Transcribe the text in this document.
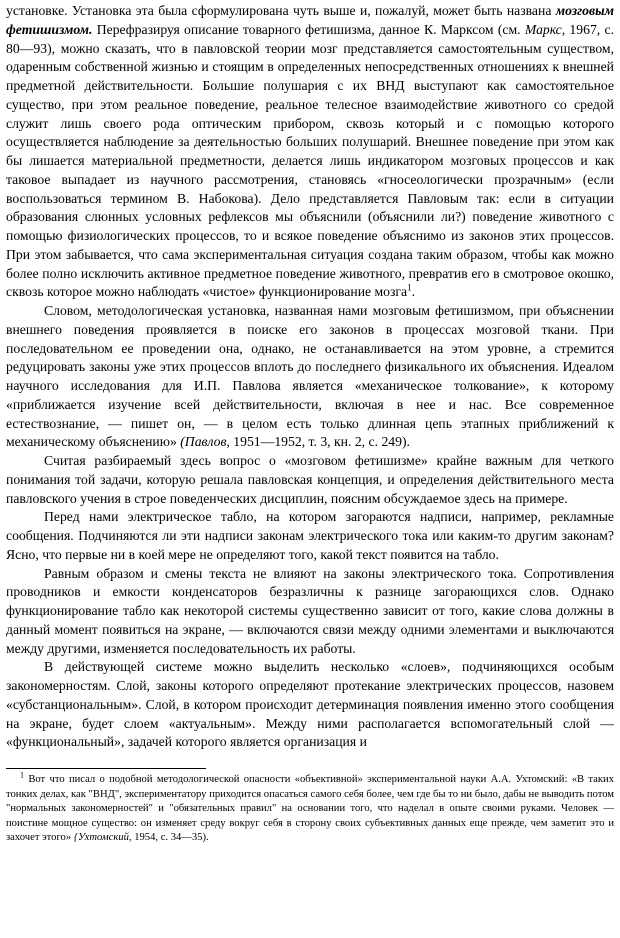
установке. Установка эта была сформулирована чуть выше и, пожалуй, может быть названа мозговым фетишизмом. Перефразируя описание товарного фетишизма, данное К. Марксом (см. Маркс, 1967, с. 80—93), можно сказать, что в павловской теории мозг представляется самостоятельным существом, одаренным собственной жизнью и стоящим в определенных непосредственных отношениях к внешней предметной действительности. Большие полушария с их ВНД выступают как самостоятельное существо, при этом реальное поведение, реальное телесное взаимодействие животного со средой служит лишь своего рода оптическим прибором, сквозь который и с помощью которого осуществляется наблюдение за деятельностью больших полушарий. Внешнее поведение при этом как бы лишается материальной предметности, делается лишь индикатором мозговых процессов и как таковое выпадает из научного рассмотрения, становясь «гносеологически прозрачным» (если воспользоваться термином В. Набокова). Дело представляется Павловым так: если в ситуации образования слюнных условных рефлексов мы объяснили (объяснили ли?) поведение животного с помощью физиологических процессов, то и всякое поведение объяснимо из законов этих процессов. При этом забывается, что сама экспериментальная ситуация создана таким образом, чтобы как можно более полно исключить активное предметное поведение животного, превратив его в смотровое окошко, сквозь которое можно наблюдать «чистое» функционирование мозга$^1$.

Словом, методологическая установка, названная нами мозговым фетишизмом, при объяснении внешнего поведения проявляется в поиске его законов в процессах мозговой ткани. При последовательном ее проведении она, однако, не останавливается на этом уровне, а стремится редуцировать законы уже этих процессов вплоть до последнего физикального их объяснения. Идеалом научного исследования для И.П. Павлова является «механическое толкование», к которому «приближается изучение всей действительности, включая в нее и нас. Все современное естествознание, — пишет он, — в целом есть только длинная цепь этапных приближений к механическому объяснению» (Павлов, 1951—1952, т. 3, кн. 2, с. 249).

Считая разбираемый здесь вопрос о «мозговом фетишизме» крайне важным для четкого понимания той задачи, которую решала павловская концепция, и определения действительного места павловского учения в строе поведенческих дисциплин, поясним обсуждаемое здесь на примере.

Перед нами электрическое табло, на котором загораются надписи, например, рекламные сообщения. Подчиняются ли эти надписи законам электрического тока или каким-то другим законам? Ясно, что первые ни в коей мере не определяют того, какой текст появится на табло.

Равным образом и смены текста не влияют на законы электрического тока. Сопротивления проводников и емкости конденсаторов безразличны к разнице загорающихся слов. Однако функционирование табло как некоторой системы существенно зависит от того, какие слова должны в данный момент появиться на экране, — включаются связи между одними элементами и выключаются между другими, изменяется последовательность их работы.

В действующей системе можно выделить несколько «слоев», подчиняющихся особым закономерностям. Слой, законы которого определяют протекание электрических процессов, назовем «субстанциональным». Слой, в котором происходит детерминация появления именно этого сообщения на экране, будет слоем «актуальным». Между ними располагается вспомогательный слой — «функциональный», задачей которого является организация и

$^1$ Вот что писал о подобной методологической опасности «объективной» экспериментальной науки А.А. Ухтомский: «В таких тонких делах, как "ВНД", экспериментатору приходится опасаться самого себя более, чем где бы то ни было, дабы не выводить потом "нормальных закономерностей" и "обязательных правил" на основании того, что наделал в опыте своими руками. Человек — поистине мощное существо: он изменяет среду вокруг себя в сторону своих субъективных данных еще прежде, чем заметит это и захочет этого» {Ухтомский, 1954, с. 34—35).
